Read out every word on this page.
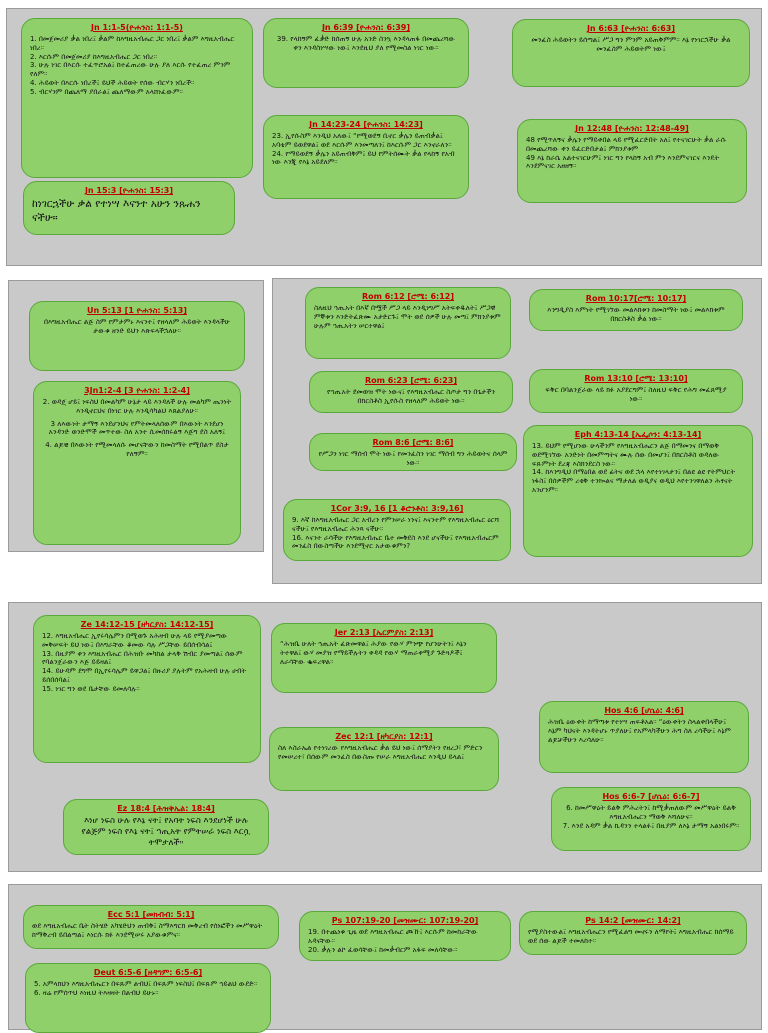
Jn 1:1-5(ዮሐንስ: 1:1-5)
1. በመጀመሪያ ቃል ነበረ፤ ቃልም ከእግዚአብሔር ጋር ነበረ፤ ቃልም እግዚአብሔር ነበረ።
2. እርሱም በመጀመሪያ ከእግዚአብሔር ጋር ነበረ።
3. ሁሉ ነገር በእርሱ ተፈጥሮአል፤ ከተፈጠረው ሁሉ ያለ እርሱ የተፈጠረ ምንም የለም።
4. ሕይወት በእርሱ ነበረች፤ ይህች ሕይወት የሰው ብርሃን ነበረች።
5. ብርሃንም በጨለማ ያበራል፤ ጨለማውም አላሸነፈውም።
Jn 15:3 [ዮሐንስ: 15:3]
ከነገርኋችሁ ቃል የተነሣ እናንተ አሁን ንጹሐን ናችሁ።
Jn 6:39 [ዮሐንስ: 6:39]
39. የላከኝም ፈቃድ ከሰጠኝ ሁሉ አንድ ስንኳ እንዳላጠፋ በመጨረሻው ቀን እንዳስነሣው ነው፤ እንደዚህ ያለ የሚመስል ነገር ነው።
Jn 14:23-24 [ዮሐንስ: 14:23]
23. ኢየሱስም እንዲህ አለው፤ “የሚወደኝ ቢኖር ቃሌን ይጠብቃል፤ አባቴም ይወደዋል፤ ወደ እርሱም እንመጣለን፤ ከእርሱም ጋር እንኖራለን።
24. የማይወደኝ ቃሌን አይጠብቅም፤ ይህ የምትሰሙት ቃል የላከኝ የአብ ነው እንጂ የእኔ አይደለም።
Jn 6:63 [ዮሐንስ: 6:63]
መንፈስ ሕይወትን ይሰጣል፤ ሥጋ ግን ምንም አይጠቅምም። እኔ የነገርኋችሁ ቃል መንፈስም ሕይወትም ነው፤
Jn 12:48 [ዮሐንስ: 12:48-49]
48 የሚጥለኝና ቃሌን የማይቀበል ላይ የሚፈርድበት አለ፤ የተናገርሁት ቃል ራሱ በመጨረሻው ቀን ይፈርድበታል፤ ምክንያቱም
49 እኔ ከራሴ አልተናገርሁም፤ ነገር ግን የላከኝ አብ ምን እንደምናገርና እንዴት እንደምናገር አዘዘኝ።
Un 5:13 [1 ዮሐንስ: 5:13]
በእግዚአብሔር ልጅ ስም የምታምኑ እናንተ፤ የዘላለም ሕይወት እንዳላችሁ ታውቁ ዘንድ ይህን እጽፍላችኋለሁ።
3Jn1:2-4 [3 ዮሐንስ: 1:2-4]
2. ወዳጄ ሆይ፤ ነፍስህ በመልካም ሁኔታ ላይ እንዳለች ሁሉ መልካም ጤንነት እንዲኖርህና በነገር ሁሉ እንዲሳካልህ እጸልያለሁ።
3 ለእውነት ታማኝ እንደሆንህና የምትመላለሰውም በእውነት እንደሆነ አንዳንድ ወንድሞች መጥተው ስለ አንተ ሲመሰክሩልኝ እጅግ ደስ አለኝ፤
4. ልጆቼ በእውነት የሚመላለሱ መሆናቸውን ከመስማት የሚበልጥ ደስታ የለኝም።
Rom 6:12 [ሮሜ: 6:12]
ስለዚህ ኀጢአት በእኛ በሟች ሥጋ ላይ እንዲነግሥ አትፍቀዱለት፤ ሥጋዊ ምኞቱን እንድትፈጽሙ አታድርጉ፤ ሞት ወደ ሰዎች ሁሉ መጣ፤ ምክንያቱም ሁሉም ኀጢአትን ሠርተዋል፤
Rom 6:23 [ሮሜ: 6:23]
የኀጢአት ደመወዝ ሞት ነውና፤ የእግዚአብሔር ስጦታ ግን በጌታችን በክርስቶስ ኢየሱስ የዘላለም ሕይወት ነው።
Rom 8:6 [ሮሜ: 8:6]
የሥጋን ነገር ማሰብ ሞት ነው፤ የመንፈስን ነገር ማሰብ ግን ሕይወትና ሰላም ነው።
1Cor 3:9, 16 [1 ቆሮንቶስ: 3:9,16]
9. እኛ ከእግዚአብሔር ጋር አብረን የምንሠራ ነንና፤ እናንተም የእግዚአብሔር ዕርሻ ናችሁ፤ የእግዚአብሔር ሕንጻ ናችሁ።
16. እናንተ ራሳችሁ የእግዚአብሔር ቤተ መቅደስ እንደ ሆናችሁ፤ የእግዚአብሔርም መንፈስ በውስጣችሁ እንደሚኖር አታውቁምን?
Rom 10:17[ሮሜ: 10:17]
እንግዲያስ እምነት የሚገኘው መልእክቱን ከመስማት ነው፤ መልእክቱም በክርስቶስ ቃል ነው።
Rom 13:10 [ሮሜ: 13:10]
ፍቅር በባልንጀራው ላይ ክፉ አያደርግም፤ ስለዚህ ፍቅር የሕግ መፈጸሚያ ነው።
Eph 4:13-14 [ኤፌሶን: 4:13-14]
13. ይህም የሚሆነው ሁላችንም የእግዚአብሔርን ልጅ በማመንና በማወቅ ወደሚገኘው አንድነት በመምጣትና ሙሉ ሰው በመሆን፤ በክርስቶስ ወዳለው ፍጹምነት ደረጃ እስክንደርስ ነው።
14. ከእንግዲህ በማዕበል ወደ ፊትና ወደ ኋላ እየተነገላታን፤ በልዩ ልዩ የትምህርት ነፋስ፤ በሰዎችም ረቂቅ ተንኰልና ማታለል ወዲያና ወዲህ እየተንገዋለልን ሕፃናት አንሆንም።
Ze 14:12-15 [ዘካርያስ: 14:12-15]
12. እግዚአብሔር ኢየሩሳሌምን በሚወጉ አሕዛብ ሁሉ ላይ የሚያመጣው መቅሠፍት ይህ ነው፤ በእግራቸው ቆመው ሳሉ ሥጋቸው ይበሰብሳል፤
13. በዚያም ቀን እግዚአብሔር በሕዝቡ መካከል ታላቅ ሽብር ያመጣል፤ ሰውም የባልንጀራውን እጅ ይይዛል፤
14. ይሁዳም ደግሞ በኢየሩሳሌም ይዋጋል፤ በዙሪያ ያሉትም የአሕዛብ ሁሉ ሀብት ይሰበሰባል፤
15. ነገር ግን ወደ ቤታቸው ይመለሳሉ።
Ez 18:4 [ሕዝቅኤል: 18:4]
እነሆ ነፍስ ሁሉ የእኔ ናት፤ የአባት ነፍስ እንደሆነች ሁሉ የልጅም ነፍስ የእኔ ናት፤ ኀጢአት የምትሠራ ነፍስ እርሷ ትሞታለች።
Jer 2:13 [ኤርምያስ: 2:13]
“ሕዝቤ ሁለት ኀጢአት ፈጽመዋል፤ ሕያው የውሃ ምንጭ የሆንሁትን፤ እኔን ትተዋል፤ ውሃ መያዝ የማይችሉትን ቀዳዳ የውሃ ማጠራቀሚያ ጉድጓዶች፤ ለራሳቸው ቈፍረዋል።
Zec 12:1 [ዘካርያስ: 12:1]
ስለ እስራኤል የተነገረው የእግዚአብሔር ቃል ይህ ነው፤ ሰማያትን የዘረጋ፣ ምድርን የመሠረተ፣ በሰውም መንፈስ በውስጡ የሠራ እግዚአብሔር እንዲህ ይላል፤
Hos 4:6 [ሆሴዕ: 4:6]
ሕዝቤ ዕውቀት ከማጣቱ የተነሣ ጠፍቶአል። “ዕውቀትን ስላልቀበላችሁ፤ እኔም ካህናት እንዳትሆኑ ጥያለሁ፤ የአምላካችሁን ሕግ ስለ ረሳችሁ፤ እኔም ልጆቻችሁን እረሳለሁ።
Hos 6:6-7 [ሆሴዕ: 6:6-7]
6. ከመሥዋዕት ይልቅ ምሕረትን፤ ከሚቃጠለውም መሥዋዕት ይልቅ እግዚአብሔርን ማወቅ እሻለሁና።
7. እንደ አዳም ቃል ኪዳንን ተላልፉ፤ በዚያም ለእኔ ታማኝ አልነበሩም።
Ecc 5:1 [መክብብ: 5:1]
ወደ እግዚአብሔር ቤት ስትሄድ አካሄድህን ጠብቅ፤ ስማእግርክ መቅረብ የሰነፎችን መሥዋዕት ከማቅረብ ይበልጣል፤ እነርሱ ክፉ እንደሚሠሩ አያውቁምና።
Deut 6:5-6 [ዘዳግም: 6:5-6]
5. አምላክህን እግዚአብሔርን በፍጹም ልብህ፤ በፍጹም ነፍስህ፤ በፍጹም ኀይልህ ውደድ።
6. ዛሬ የምሰጥህ እነዚህ ትእዛዛት በልብህ ይሁኑ።
Ps 107:19-20 [መዝሙር: 107:19-20]
19. በተጨነቁ ጊዜ ወደ እግዚአብሔር ጮኹ፤ እርሱም ከመከራቸው አዳናቸው።
20. ቃሉን ልኮ ፈወሳቸው፤ ከመቃብርም አፋፍ መለሳቸው።
Ps 14:2 [መዝሙር: 14:2]
የሚያስተውል፤ እግዚአብሔርን የሚፈልግ መኖሩን ለማየት፤ እግዚአብሔር ከሰማይ ወደ ሰው ልጆች ተመለከተ።
